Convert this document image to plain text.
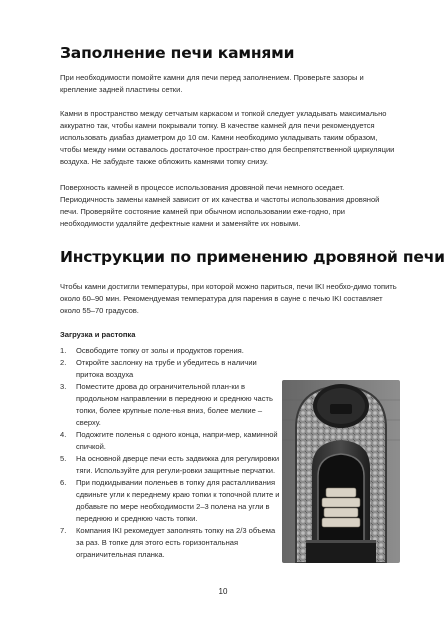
Заполнение печи камнями

При необходимости помойте камни для печи перед заполнением. Проверьте зазоры и крепление задней пластины сетки.

Камни в пространство между сетчатым каркасом и топкой следует укладывать максимально аккуратно так, чтобы камни покрывали топку. В качестве камней для печи рекомендуется использовать диабаз диаметром до 10 см. Камни необходимо укладывать таким образом, чтобы между ними оставалось достаточное простран-ство для беспрепятственной циркуляции воздуха. Не забудьте также обложить камнями топку снизу.

Поверхность камней в процессе использования дровяной печи немного оседает. Периодичность замены камней зависит от их качества и частоты использования дровяной печи. Проверяйте состояние камней при обычном использовании еже-годно, при необходимости удаляйте дефектные камни и заменяйте их новыми.

Инструкции по применению дровяной печи

Чтобы камни достигли температуры, при которой можно париться, печи IKI необхо-димо топить около 60–90 мин. Рекомендуемая температура для парения в сауне с печью IKI составляет около 55–70 градусов.

Загрузка и растопка

1. Освободите топку от золы и продуктов горения.
2. Откройте заслонку на трубе и убедитесь в наличии притока воздуха
3. Поместите дрова до ограничительной план-ки в продольном направлении в переднюю и среднюю часть топки, более крупные поле-нья вниз, более мелкие – сверху.
4. Подожгите поленья с одного конца, напри-мер, каминной спичкой.
5. На основной дверце печи есть задвижка для регулировки тяги. Используйте для регули-ровки защитные перчатки.
6. При подкидывании поленьев в топку для расталливания сдвиньте угли к переднему краю топки к топочной плите и добавьте по мере необходимости 2–3 полена на угли в переднюю и среднюю часть топки.
7. Компания IKI рекомедует заполнять топку на 2/3 объема за раз. В топке для этого есть горизонтальная ограничительная планка.
10
